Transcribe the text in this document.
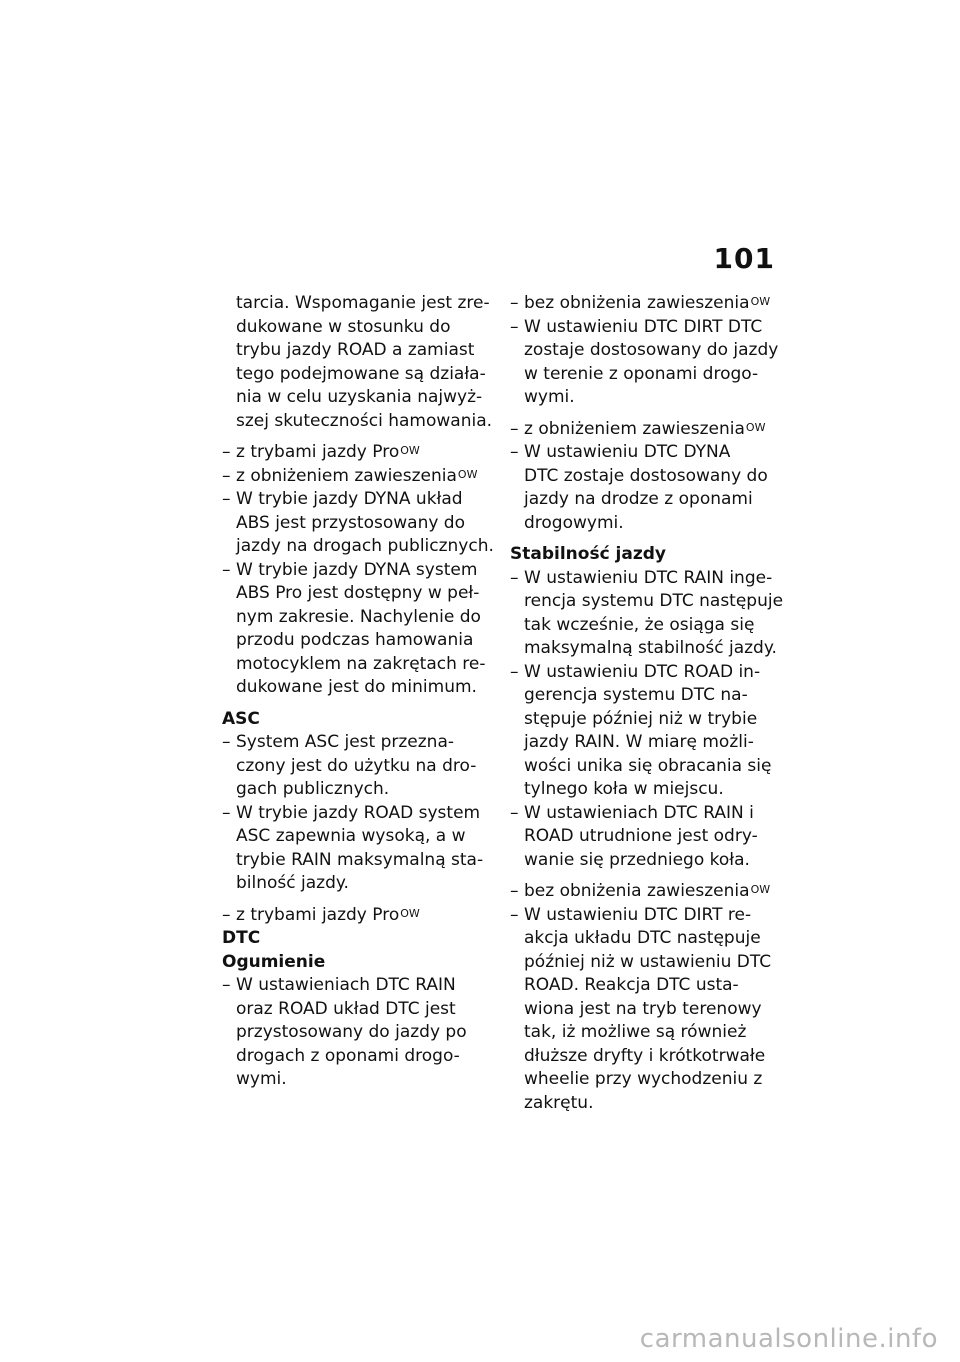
101
tarcia. Wspomaganie jest zre-
dukowane w stosunku do
trybu jazdy ROAD a zamiast
tego podejmowane są działa-
nia w celu uzyskania najwyż-
szej skuteczności hamowania.
– z trybami jazdy Pro$^{OW}$
– z obniżeniem zawieszenia$^{OW}$
– W trybie jazdy DYNA układ
ABS jest przystosowany do
jazdy na drogach publicznych.
– W trybie jazdy DYNA system
ABS Pro jest dostępny w peł-
nym zakresie. Nachylenie do
przodu podczas hamowania
motocyklem na zakrętach re-
dukowane jest do minimum.
ASC
– System ASC jest przezna-
czony jest do użytku na dro-
gach publicznych.
– W trybie jazdy ROAD system
ASC zapewnia wysoką, a w
trybie RAIN maksymalną sta-
bilność jazdy.
– z trybami jazdy Pro$^{OW}$
DTC
Ogumienie
– W ustawieniach DTC RAIN
oraz ROAD układ DTC jest
przystosowany do jazdy po
drogach z oponami drogo-
wymi.
– bez obniżenia zawieszenia$^{OW}$
– W ustawieniu DTC DIRT DTC
zostaje dostosowany do jazdy
w terenie z oponami drogo-
wymi.
– z obniżeniem zawieszenia$^{OW}$
– W ustawieniu DTC DYNA
DTC zostaje dostosowany do
jazdy na drodze z oponami
drogowymi.
Stabilność jazdy
– W ustawieniu DTC RAIN inge-
rencja systemu DTC następuje
tak wcześnie, że osiąga się
maksymalną stabilność jazdy.
– W ustawieniu DTC ROAD in-
gerencja systemu DTC na-
stępuje później niż w trybie
jazdy RAIN. W miarę możli-
wości unika się obracania się
tylnego koła w miejscu.
– W ustawieniach DTC RAIN i
ROAD utrudnione jest odry-
wanie się przedniego koła.
– bez obniżenia zawieszenia$^{OW}$
– W ustawieniu DTC DIRT re-
akcja układu DTC następuje
później niż w ustawieniu DTC
ROAD. Reakcja DTC usta-
wiona jest na tryb terenowy
tak, iż możliwe są również
dłuższe dryfty i krótkotrwałe
wheelie przy wychodzeniu z
zakrętu.
carmanualsonline.info
